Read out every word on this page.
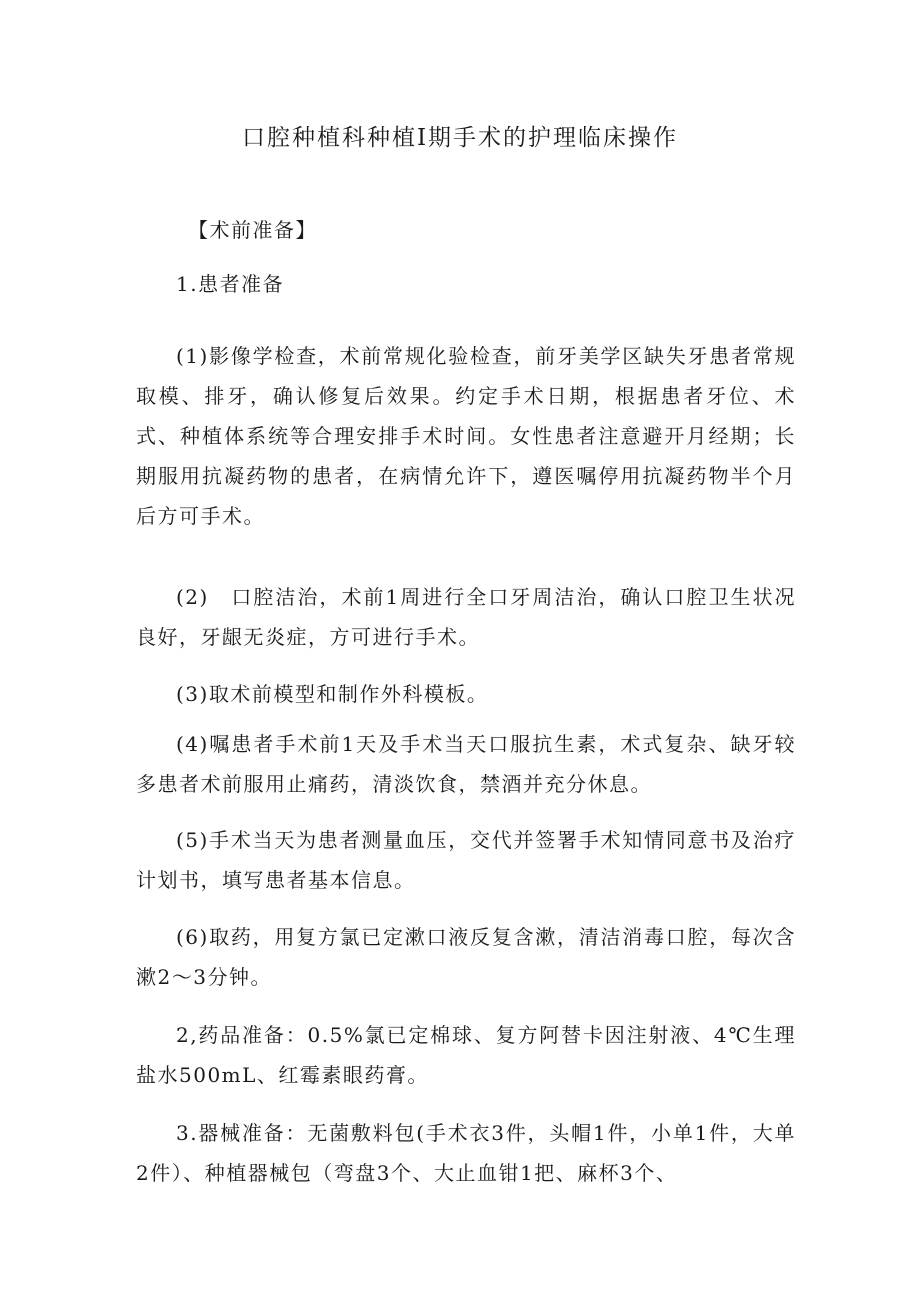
口腔种植科种植Ⅰ期手术的护理临床操作

【术前准备】

1.患者准备

(1)影像学检查，术前常规化验检查，前牙美学区缺失牙患者常规取模、排牙，确认修复后效果。约定手术日期，根据患者牙位、术式、种植体系统等合理安排手术时间。女性患者注意避开月经期；长期服用抗凝药物的患者，在病情允许下，遵医嘱停用抗凝药物半个月后方可手术。

(2)　口腔洁治，术前1周进行全口牙周洁治，确认口腔卫生状况良好，牙龈无炎症，方可进行手术。

(3)取术前模型和制作外科模板。

(4)嘱患者手术前1天及手术当天口服抗生素，术式复杂、缺牙较多患者术前服用止痛药，清淡饮食，禁酒并充分休息。

(5)手术当天为患者测量血压，交代并签署手术知情同意书及治疗计划书，填写患者基本信息。

(6)取药，用复方氯已定漱口液反复含漱，清洁消毒口腔，每次含漱2～3分钟。

2,药品准备：0.5%氯已定棉球、复方阿替卡因注射液、4℃生理盐水500mL、红霉素眼药膏。

3.器械准备：无菌敷料包(手术衣3件，头帽1件，小单1件，大单2件）、种植器械包（弯盘3个、大止血钳1把、麻杯3个、
